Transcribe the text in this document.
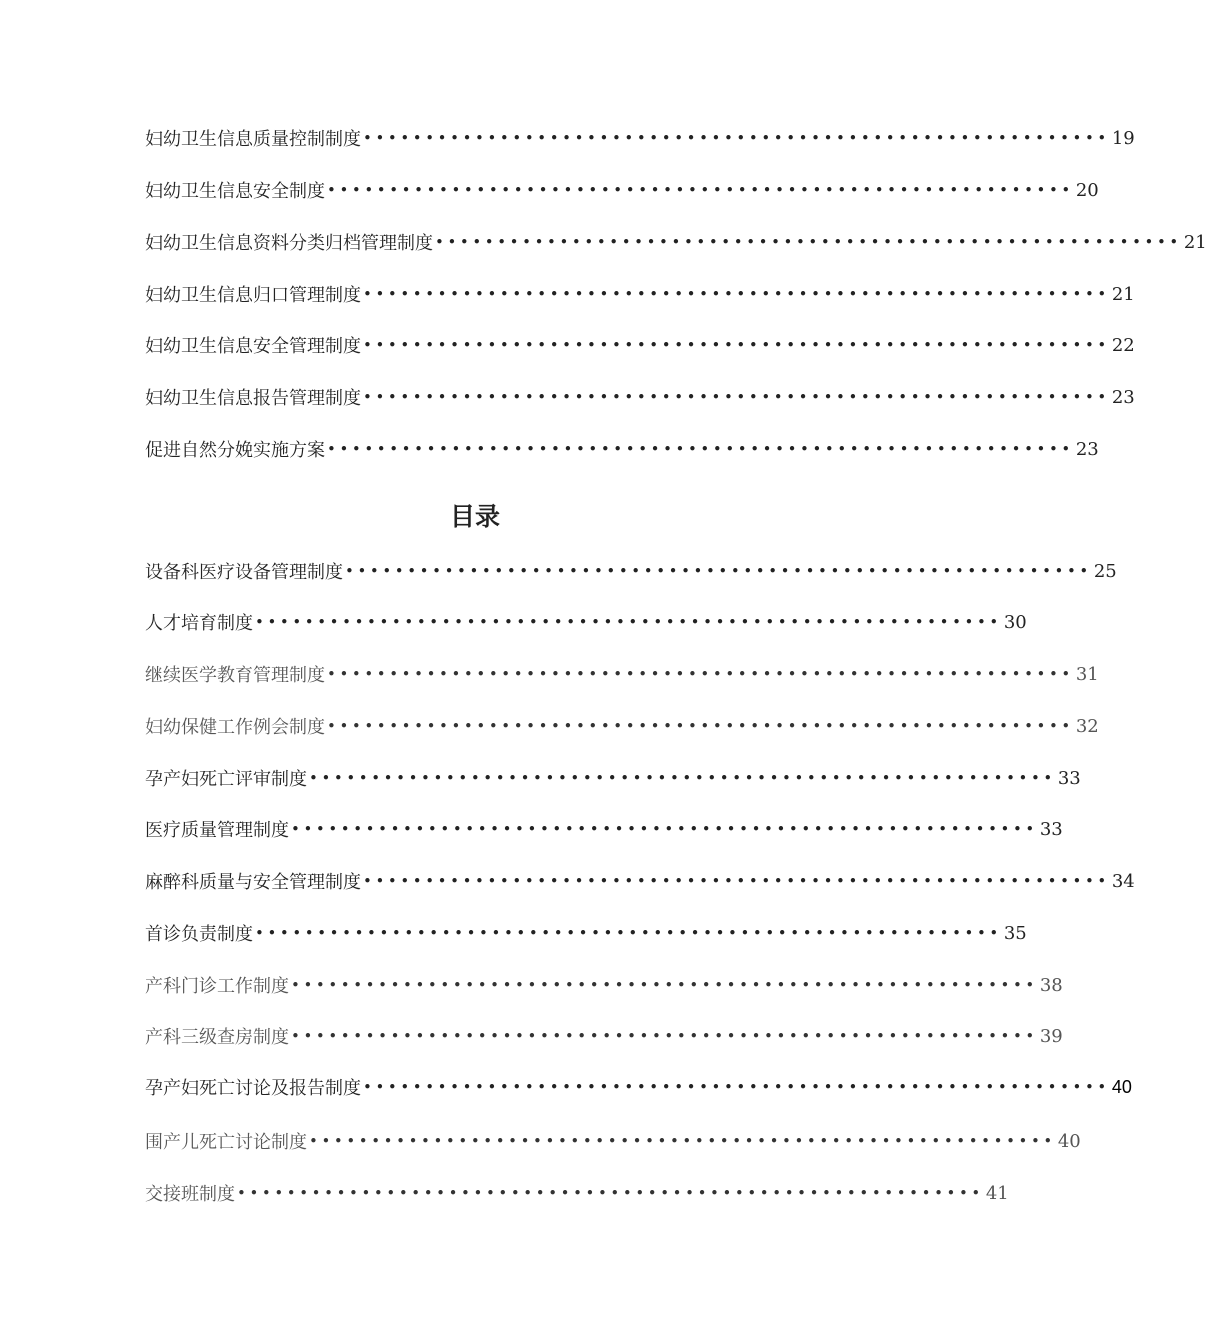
妇幼卫生信息质量控制制度 •••••••••••••••••••••••••••••••••••••••••••••••••••••••••••• 19
妇幼卫生信息安全制度 •••••••••••••••••••••••••••••••••••••••••••••••••••••••••••• 20
妇幼卫生信息资料分类归档管理制度 •••••••••••••••••••••••••••••••••••••••••••••••••••••••••••• 21
妇幼卫生信息归口管理制度 •••••••••••••••••••••••••••••••••••••••••••••••••••••••••••• 21
妇幼卫生信息安全管理制度 •••••••••••••••••••••••••••••••••••••••••••••••••••••••••••• 22
妇幼卫生信息报告管理制度 •••••••••••••••••••••••••••••••••••••••••••••••••••••••••••• 23
促进自然分娩实施方案 •••••••••••••••••••••••••••••••••••••••••••••••••••••••••••• 23
目录
设备科医疗设备管理制度 •••••••••••••••••••••••••••••••••••••••••••••••••••••••••••• 25
人才培育制度 •••••••••••••••••••••••••••••••••••••••••••••••••••••••••••• 30
继续医学教育管理制度 •••••••••••••••••••••••••••••••••••••••••••••••••••••••••••• 31
妇幼保健工作例会制度 •••••••••••••••••••••••••••••••••••••••••••••••••••••••••••• 32
孕产妇死亡评审制度 •••••••••••••••••••••••••••••••••••••••••••••••••••••••••••• 33
医疗质量管理制度 •••••••••••••••••••••••••••••••••••••••••••••••••••••••••••• 33
麻醉科质量与安全管理制度 •••••••••••••••••••••••••••••••••••••••••••••••••••••••••••• 34
首诊负责制度 •••••••••••••••••••••••••••••••••••••••••••••••••••••••••••• 35
产科门诊工作制度 •••••••••••••••••••••••••••••••••••••••••••••••••••••••••••• 38
产科三级查房制度 •••••••••••••••••••••••••••••••••••••••••••••••••••••••••••• 39
孕产妇死亡讨论及报告制度 •••••••••••••••••••••••••••••••••••••••••••••••••••••••••••• 40
围产儿死亡讨论制度 •••••••••••••••••••••••••••••••••••••••••••••••••••••••••••• 40
交接班制度 •••••••••••••••••••••••••••••••••••••••••••••••••••••••••••• 41
